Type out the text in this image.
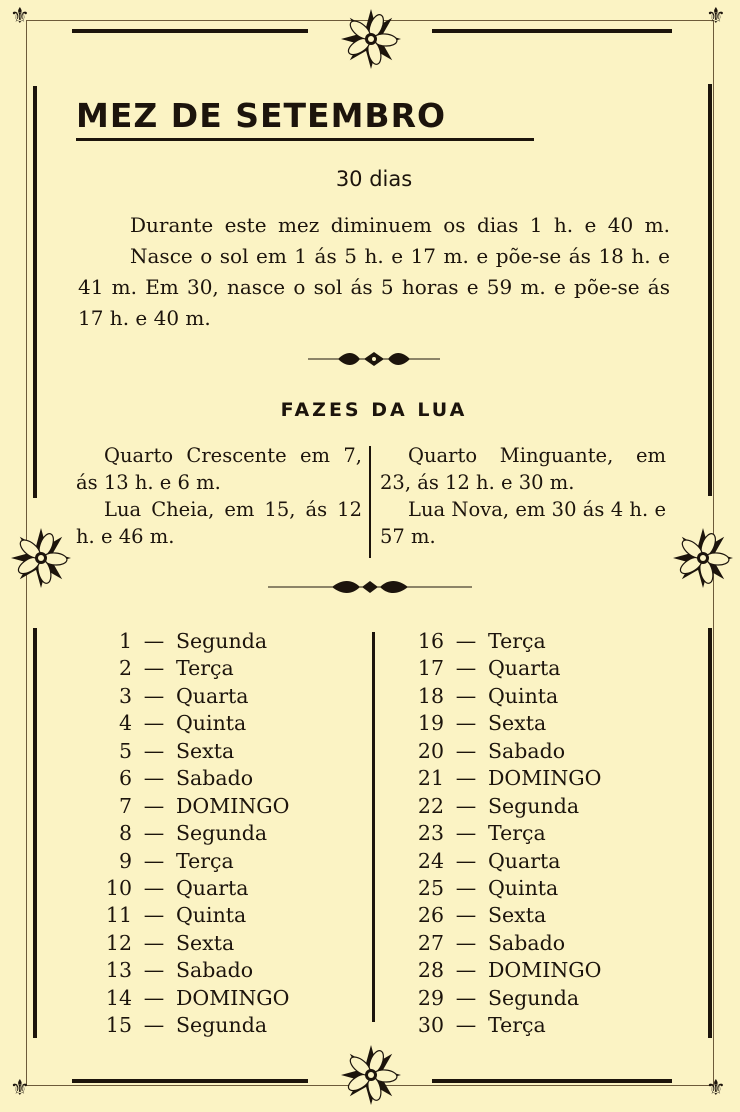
⚜	⚜
⚜	⚜
MEZ DE SETEMBRO
30 dias

Durante este mez diminuem os dias 1 h. e 40 m. Nasce o sol em 1 ás 5 h. e 17 m. e põe-se ás 18 h. e 41 m. Em 30, nasce o sol ás 5 horas e 59 m. e põe-se ás 17 h. e 40 m.

FAZES DA LUA

Quarto Crescente em 7, ás 13 h. e 6 m.

Lua Cheia, em 15, ás 12 h. e 46 m.

Quarto Minguante, em 23, ás 12 h. e 30 m.

Lua Nova, em 30 ás 4 h. e 57 m.

1 — Segunda
2 — Terça
3 — Quarta
4 — Quinta
5 — Sexta
6 — Sabado
7 — DOMINGO
8 — Segunda
9 — Terça
10 — Quarta
11 — Quinta
12 — Sexta
13 — Sabado
14 — DOMINGO
15 — Segunda
16 — Terça
17 — Quarta
18 — Quinta
19 — Sexta
20 — Sabado
21 — DOMINGO
22 — Segunda
23 — Terça
24 — Quarta
25 — Quinta
26 — Sexta
27 — Sabado
28 — DOMINGO
29 — Segunda
30 — Terça
